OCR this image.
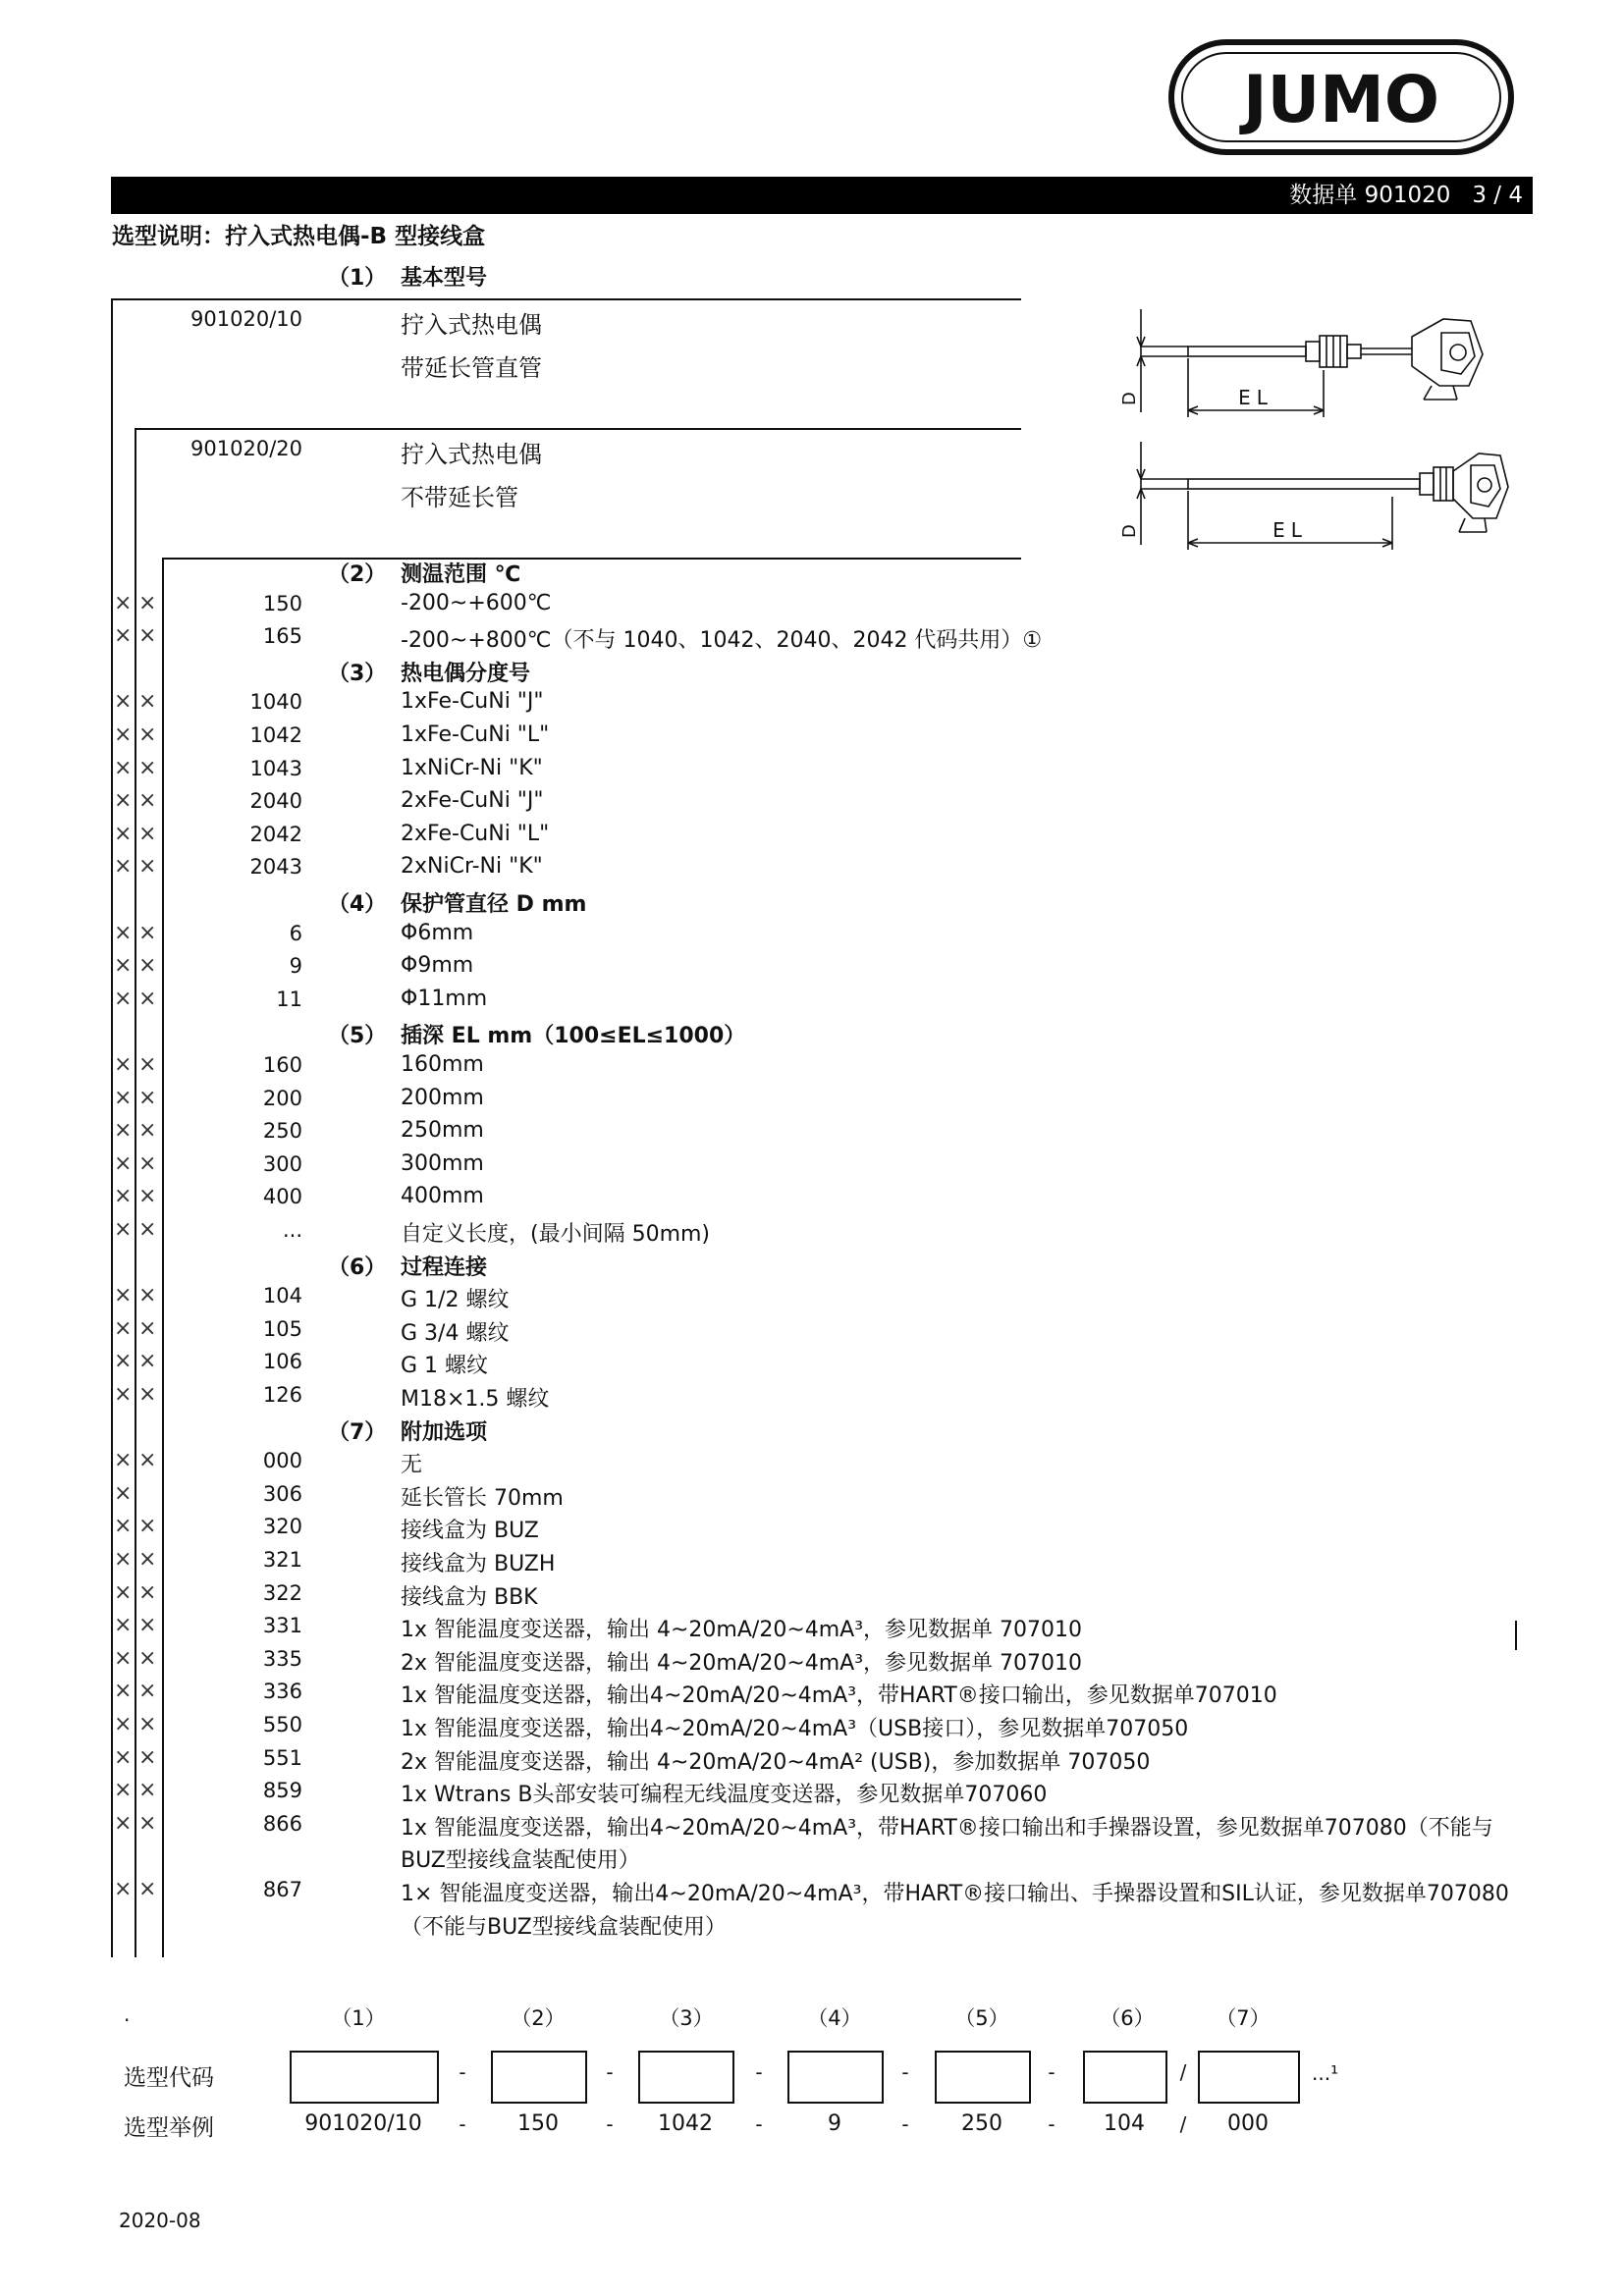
JUMO
数据单 901020 3 / 4
选型说明：拧入式热电偶-B 型接线盒
（1） 基本型号
901020/10	拧入式热电偶
带延长管直管
901020/20	拧入式热电偶
不带延长管
EL
D
EL
D
（2） 测温范围 ℃
× ×	150	-200~+600℃
× ×	165	-200~+800℃（不与 1040、1042、2040、2042 代码共用）①
（3） 热电偶分度号
× ×	1040	1xFe-CuNi "J"
× ×	1042	1xFe-CuNi "L"
× ×	1043	1xNiCr-Ni "K"
× ×	2040	2xFe-CuNi "J"
× ×	2042	2xFe-CuNi "L"
× ×	2043	2xNiCr-Ni "K"
（4） 保护管直径 D mm
× ×	6	Φ6mm
× ×	9	Φ9mm
× ×	11	Φ11mm
（5） 插深 EL mm（100≤EL≤1000）
× ×	160	160mm
× ×	200	200mm
× ×	250	250mm
× ×	300	300mm
× ×	400	400mm
× ×	...	自定义长度，(最小间隔 50mm)
（6） 过程连接
× ×	104	G 1/2 螺纹
× ×	105	G 3/4 螺纹
× ×	106	G 1 螺纹
× ×	126	M18×1.5 螺纹
（7） 附加选项
× ×	000	无
×	306	延长管长 70mm
× ×	320	接线盒为 BUZ
× ×	321	接线盒为 BUZH
× ×	322	接线盒为 BBK
× ×	331	1x 智能温度变送器，输出 4~20mA/20~4mA³，参见数据单 707010
× ×	335	2x 智能温度变送器，输出 4~20mA/20~4mA³，参见数据单 707010
× ×	336	1x 智能温度变送器，输出4~20mA/20~4mA³，带HART®接口输出，参见数据单707010
× ×	550	1x 智能温度变送器，输出4~20mA/20~4mA³（USB接口），参见数据单707050
× ×	551	2x 智能温度变送器，输出 4~20mA/20~4mA² (USB)，参加数据单 707050
× ×	859	1x Wtrans B头部安装可编程无线温度变送器，参见数据单707060
× ×	866	1x 智能温度变送器，输出4~20mA/20~4mA³，带HART®接口输出和手操器设置，参见数据单707080（不能与
BUZ型接线盒装配使用）
× ×	867	1× 智能温度变送器，输出4~20mA/20~4mA³，带HART®接口输出、手操器设置和SIL认证，参见数据单707080
（不能与BUZ型接线盒装配使用）
.	（1）	（2）	（3）	（4）	（5）	（6）	（7）
选型代码	-	-	-	-	-	/	...¹
选型举例	901020/10	-	150	-	1042	-	9	-	250	-	104	/	000
2020-08
